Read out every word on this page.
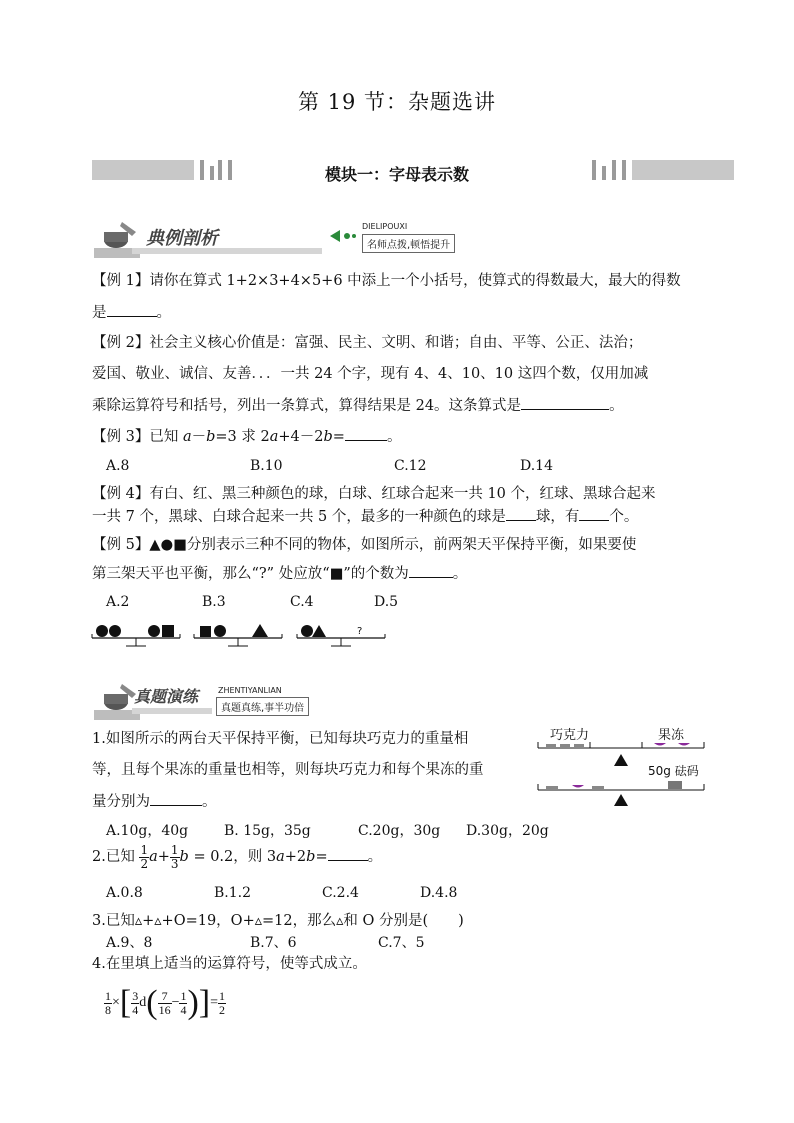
第 19 节：杂题选讲
模块一：字母表示数
典例剖析
DIELIPOUXI
名师点拨,顿悟提升
【例 1】请你在算式 1+2×3+4×5+6 中添上一个小括号，使算式的得数最大，最大的得数
是	。
【例 2】社会主义核心价值是：富强、民主、文明、和谐；自由、平等、公正、法治；
爱国、敬业、诚信、友善．．．一共 24 个字，现有 4、4、10、10 这四个数，仅用加减
乘除运算符号和括号，列出一条算式，算得结果是 24。这条算式是	。
【例 3】已知 a－b=3 求 2a+4－2b=	。
A.8	B.10	C.12	D.14
【例 4】有白、红、黑三种颜色的球，白球、红球合起来一共 10 个，红球、黑球合起来
一共 7 个，黑球、白球合起来一共 5 个，最多的一种颜色的球是 球，有 个。
【例 5】▲●■分别表示三种不同的物体，如图所示，前两架天平保持平衡，如果要使
第三架天平也平衡，那么“?” 处应放“■”的个数为	。
A.2	B.3	C.4	D.5
?
真题演练 ZHENTIYANLIAN
真题真练,事半功倍
1.如图所示的两台天平保持平衡，已知每块巧克力的重量相
等，且每个果冻的重量也相等，则每块巧克力和每个果冻的重
量分别为	。
巧克力	果冻
50g 砝码
A.10g，40g	B. 15g，35g	C.20g，30g D.30g，20g
2.已知 $\frac{1}{2} a+ \frac{1}{3}$ b = 0.2，则 3a+2b=	。
A.0.8	B.1.2	C.2.4	D.4.8
3.已知▵+▵+O=19，O+▵=12，那么▵和 O 分别是( )
A.9、8	B.7、6	C.7、5
4.在里填上适当的运算符号，使等式成立。
$\frac{1}{8}$ ×[ $\frac{3}{4} d( \frac{7}{16} - \frac{1}{4}$ )]= $\frac{1}{2}$
